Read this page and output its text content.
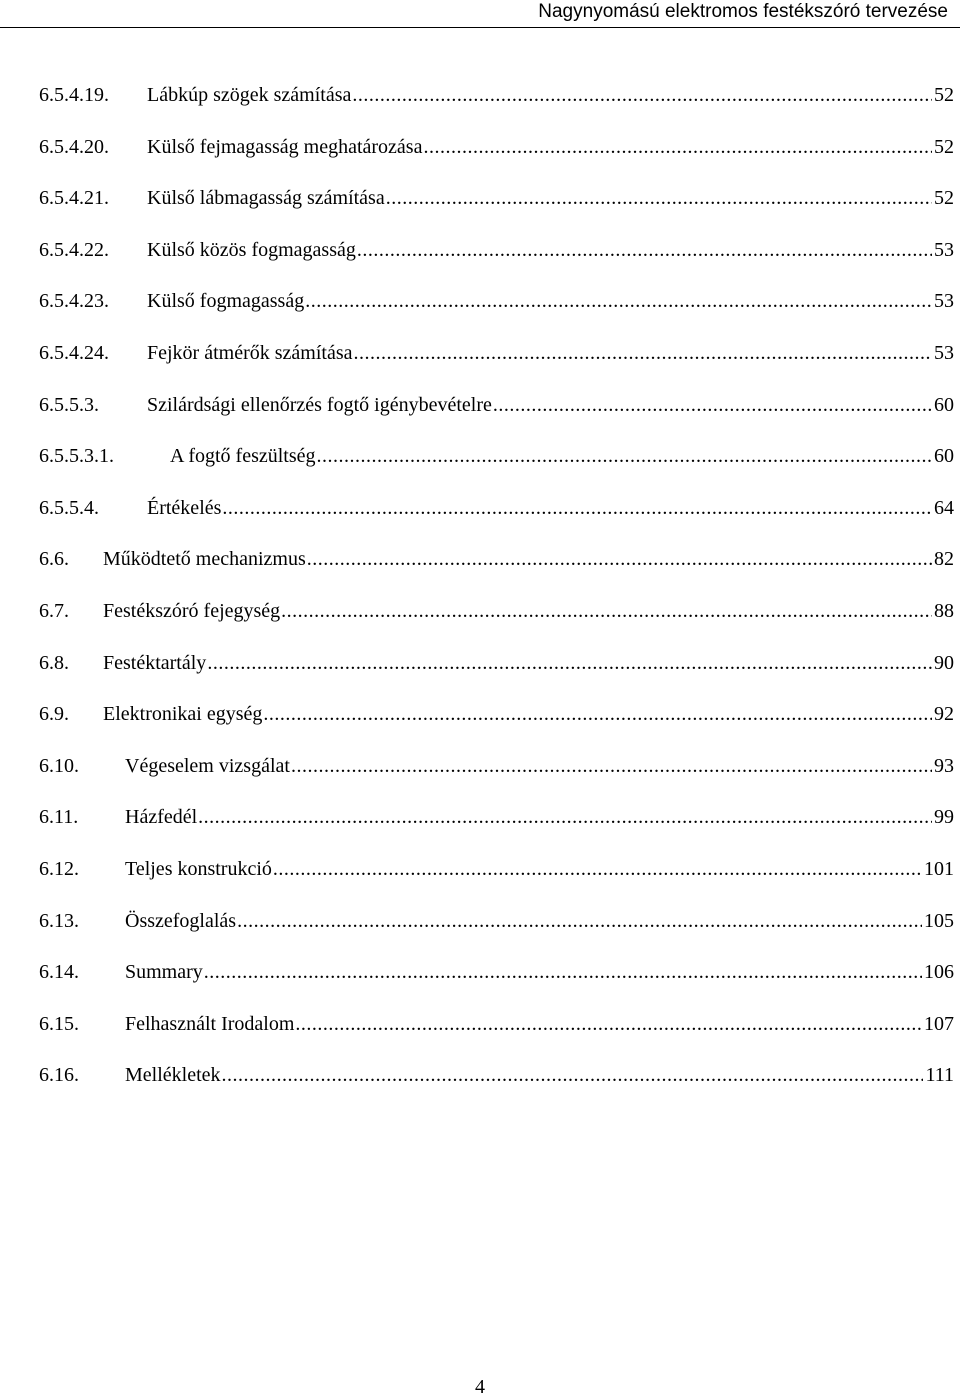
Nagynyomású elektromos festékszóró tervezése
6.5.4.19.	Lábkúp szögek számítása .....	52
6.5.4.20.	Külső fejmagasság meghatározása .....	52
6.5.4.21.	Külső lábmagasság számítása .....	52
6.5.4.22.	Külső közös fogmagasság .....	53
6.5.4.23.	Külső fogmagasság .....	53
6.5.4.24.	Fejkör átmérők számítása .....	53
6.5.5.3.	Szilárdsági ellenőrzés fogtő igénybevételre .....	60
6.5.5.3.1.	A fogtő feszültség .....	60
6.5.5.4.	Értékelés .....	64
6.6.	Működtető mechanizmus .....	82
6.7.	Festékszóró fejegység .....	88
6.8.	Festéktartály .....	90
6.9.	Elektronikai egység .....	92
6.10.	Végeselem vizsgálat .....	93
6.11.	Házfedél .....	99
6.12.	Teljes konstrukció .....	101
6.13.	Összefoglalás .....	105
6.14.	Summary .....	106
6.15.	Felhasznált Irodalom .....	107
6.16.	Mellékletek .....	111
4
